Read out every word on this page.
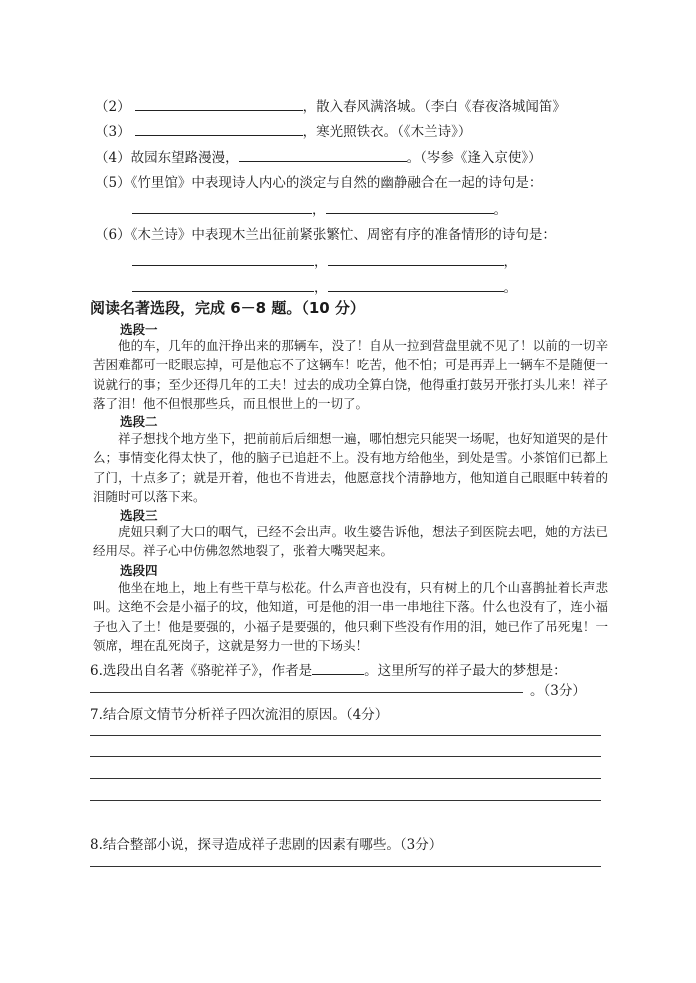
（2）	，散入春风满洛城。（李白《春夜洛城闻笛》
（3）	，寒光照铁衣。（《木兰诗》）
（4）故园东望路漫漫，	。（岑参《逢入京使》）
（5）《竹里馆》中表现诗人内心的淡定与自然的幽静融合在一起的诗句是：
，	。
（6）《木兰诗》中表现木兰出征前紧张繁忙、周密有序的准备情形的诗句是：
，	，
，	。
阅读名著选段，完成 6－8 题。（10 分）
选段一
他的车，几年的血汗挣出来的那辆车，没了！自从一拉到营盘里就不见了！以前的一切辛苦困难都可一眨眼忘掉，可是他忘不了这辆车！吃苦，他不怕；可是再弄上一辆车不是随便一说就行的事；至少还得几年的工夫！过去的成功全算白饶，他得重打鼓另开张打头儿来！祥子落了泪！他不但恨那些兵，而且恨世上的一切了。
选段二
祥子想找个地方坐下，把前前后后细想一遍，哪怕想完只能哭一场呢，也好知道哭的是什么；事情变化得太快了，他的脑子已追赶不上。没有地方给他坐，到处是雪。小茶馆们已都上了门，十点多了；就是开着，他也不肯进去，他愿意找个清静地方，他知道自己眼眶中转着的泪随时可以落下来。
选段三
虎妞只剩了大口的咽气，已经不会出声。收生婆告诉他，想法子到医院去吧，她的方法已经用尽。祥子心中仿佛忽然地裂了，张着大嘴哭起来。
选段四
他坐在地上，地上有些干草与松花。什么声音也没有，只有树上的几个山喜鹊扯着长声悲叫。这绝不会是小福子的坟，他知道，可是他的泪一串一串地往下落。什么也没有了，连小福子也入了土！他是要强的，小福子是要强的，他只剩下些没有作用的泪，她已作了吊死鬼！一领席，埋在乱死岗子，这就是努力一世的下场头！
6.选段出自名著《骆驼祥子》，作者是	。这里所写的祥子最大的梦想是：
。（3分）
7.结合原文情节分析祥子四次流泪的原因。（4分）
8.结合整部小说，探寻造成祥子悲剧的因素有哪些。（3分）
